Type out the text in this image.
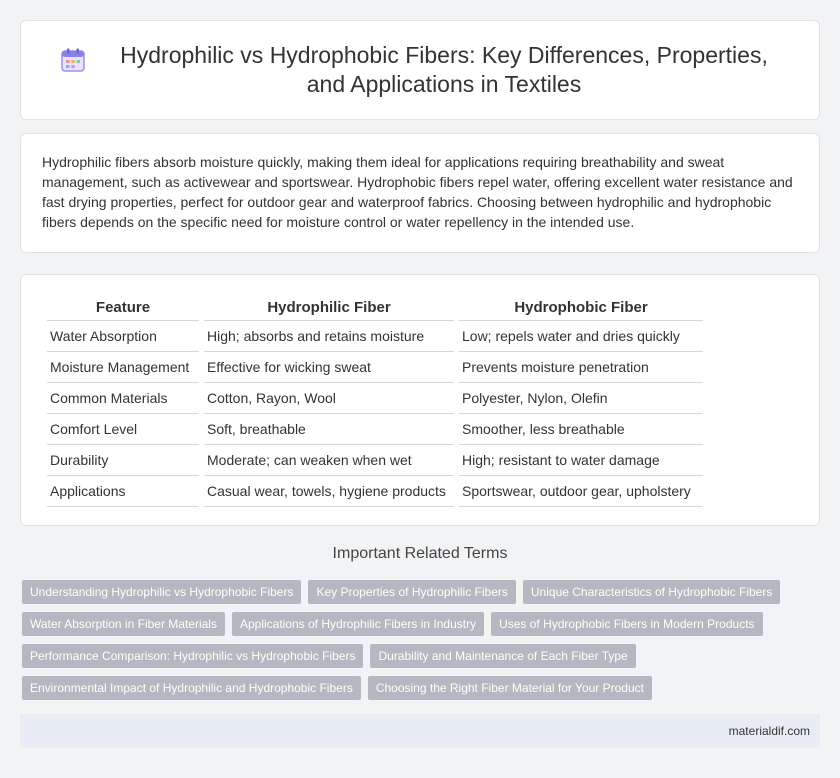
Hydrophilic vs Hydrophobic Fibers: Key Differences, Properties, and Applications in Textiles

Hydrophilic fibers absorb moisture quickly, making them ideal for applications requiring breathability and sweat management, such as activewear and sportswear. Hydrophobic fibers repel water, offering excellent water resistance and fast drying properties, perfect for outdoor gear and waterproof fabrics. Choosing between hydrophilic and hydrophobic fibers depends on the specific need for moisture control or water repellency in the intended use.

Feature	Hydrophilic Fiber	Hydrophobic Fiber
Water Absorption	High; absorbs and retains moisture	Low; repels water and dries quickly
Moisture Management	Effective for wicking sweat	Prevents moisture penetration
Common Materials	Cotton, Rayon, Wool	Polyester, Nylon, Olefin
Comfort Level	Soft, breathable	Smoother, less breathable
Durability	Moderate; can weaken when wet	High; resistant to water damage
Applications	Casual wear, towels, hygiene products	Sportswear, outdoor gear, upholstery
Important Related Terms
Understanding Hydrophilic vs Hydrophobic Fibers	Key Properties of Hydrophilic Fibers	Unique Characteristics of Hydrophobic Fibers
Water Absorption in Fiber Materials	Applications of Hydrophilic Fibers in Industry	Uses of Hydrophobic Fibers in Modern Products
Performance Comparison: Hydrophilic vs Hydrophobic Fibers	Durability and Maintenance of Each Fiber Type
Environmental Impact of Hydrophilic and Hydrophobic Fibers	Choosing the Right Fiber Material for Your Product
materialdif.com
